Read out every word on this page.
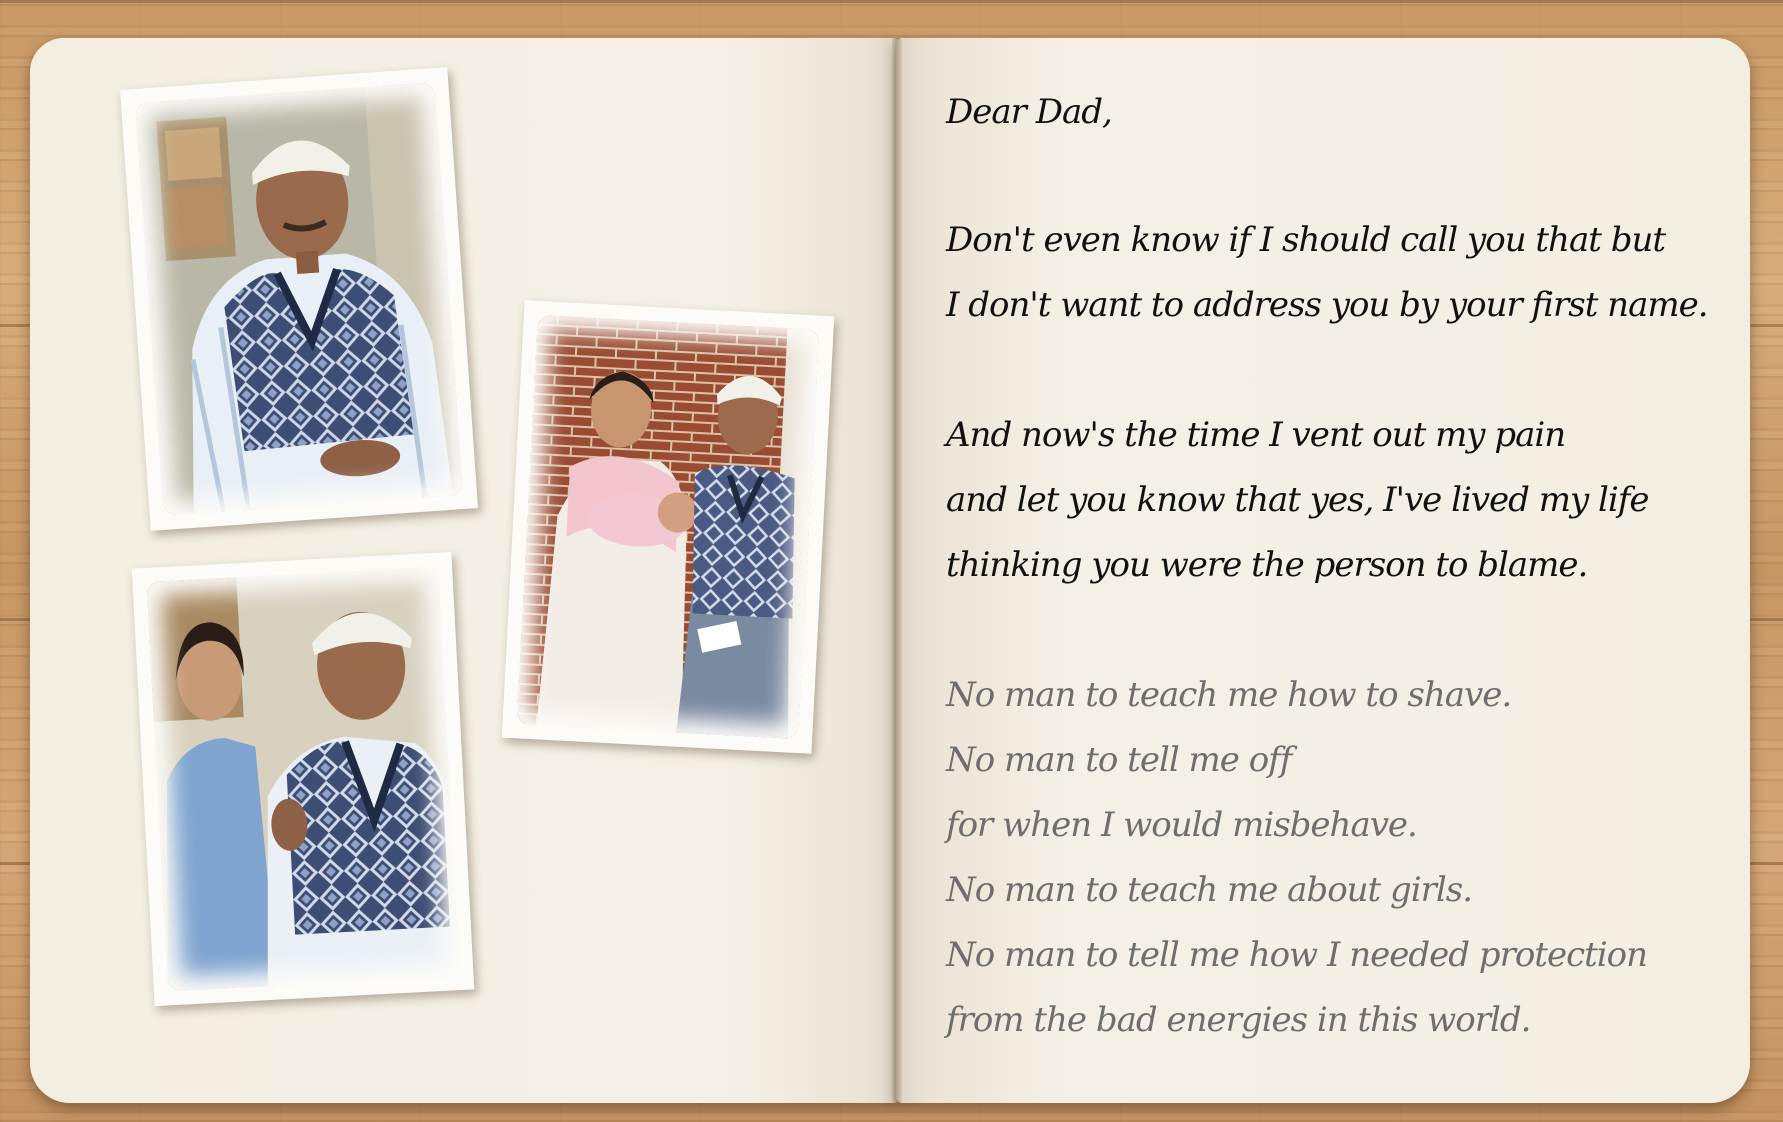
Dear Dad,
Don't even know if I should call you that but
I don't want to address you by your first name.
And now's the time I vent out my pain
and let you know that yes, I've lived my life
thinking you were the person to blame.
No man to teach me how to shave.
No man to tell me off
for when I would misbehave.
No man to teach me about girls.
No man to tell me how I needed protection
from the bad energies in this world.
